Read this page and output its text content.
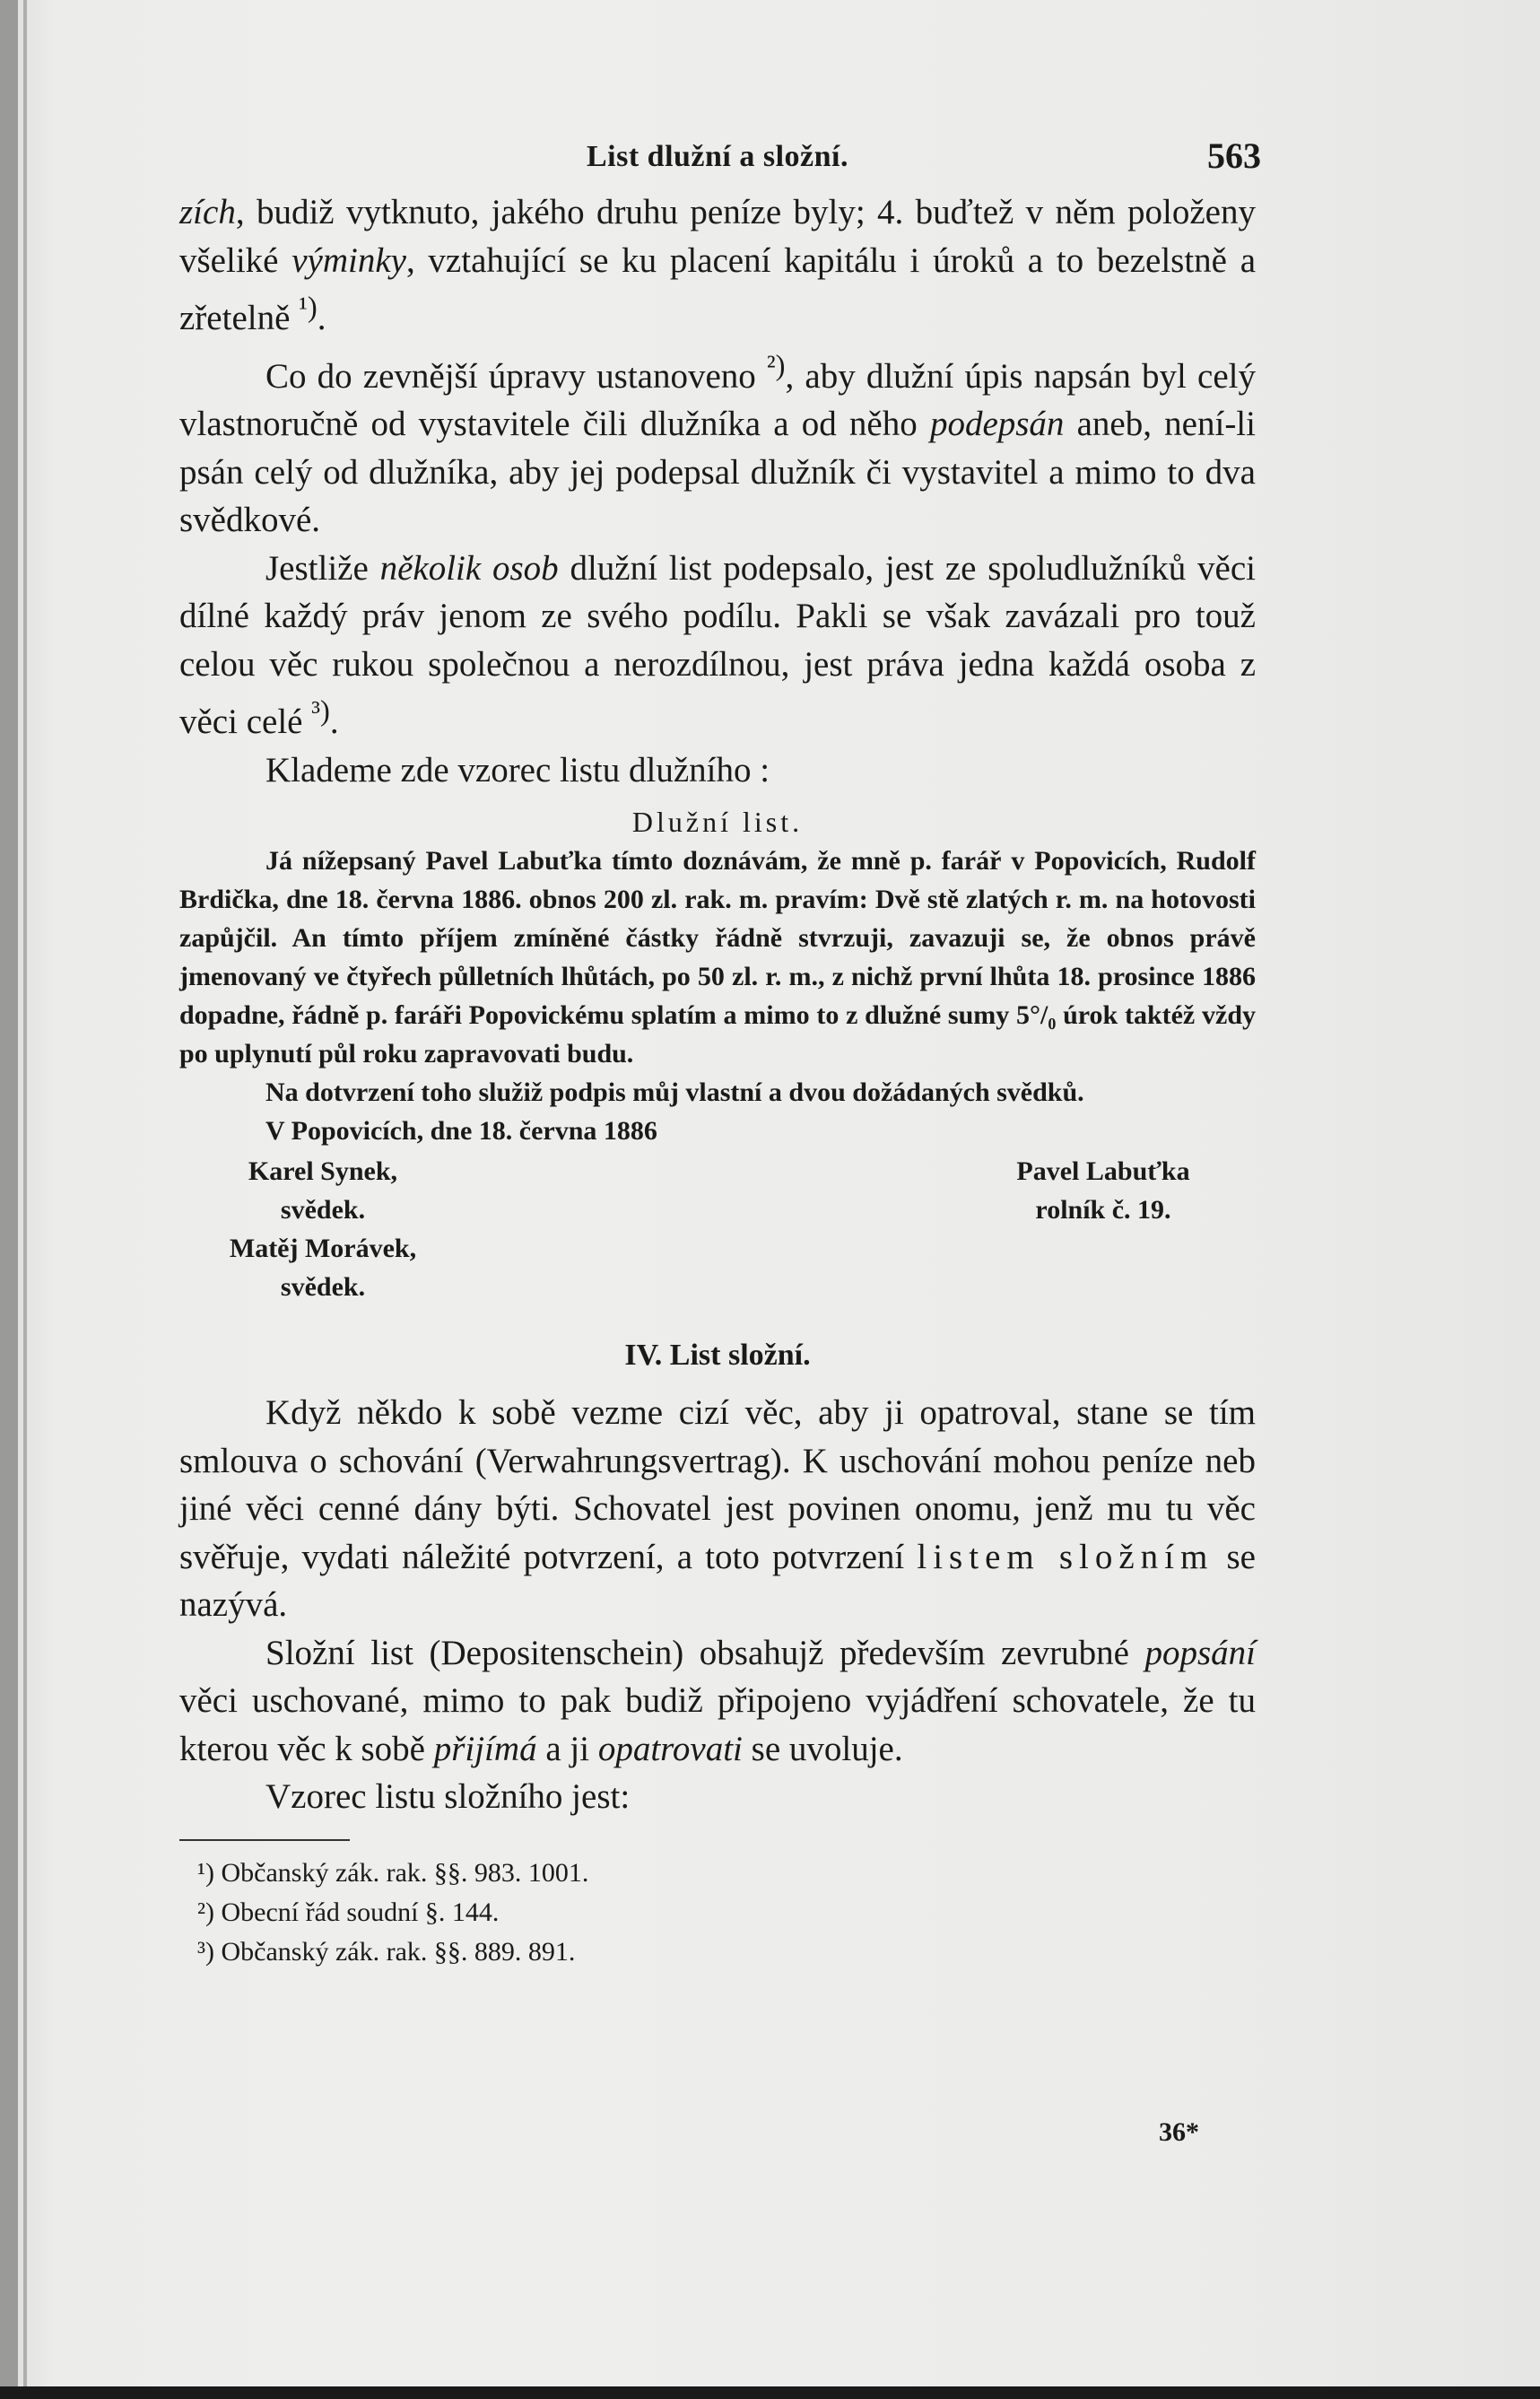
List dlužní a složní.	563

zích, budiž vytknuto, jakého druhu peníze byly; 4. buďtež v něm položeny všeliké výminky, vztahující se ku placení kapitálu i úroků a to bezelstně a zřetelně $^{^1)}$.

Co do zevnější úpravy ustanoveno $^{^2)}$, aby dlužní úpis napsán byl celý vlastnoručně od vystavitele čili dlužníka a od něho podepsán aneb, není-li psán celý od dlužníka, aby jej podepsal dlužník či vystavitel a mimo to dva svědkové.

Jestliže několik osob dlužní list podepsalo, jest ze spoludlužníků věci dílné každý práv jenom ze svého podílu. Pakli se však zavázali pro touž celou věc rukou společnou a nerozdílnou, jest práva jedna každá osoba z věci celé $^{^3)}$.

Klademe zde vzorec listu dlužního :

Dlužní list.

Já nížepsaný Pavel Labuťka tímto doznávám, že mně p. farář v Popovicích, Rudolf Brdička, dne 18. června 1886. obnos 200 zl. rak. m. pravím: Dvě stě zlatých r. m. na hotovosti zapůjčil. An tímto příjem zmíněné částky řádně stvrzuji, zavazuji se, že obnos právě jmenovaný ve čtyřech půlletních lhůtách, po 50 zl. r. m., z nichž první lhůta 18. prosince 1886 dopadne, řádně p. faráři Popovickému splatím a mimo to z dlužné sumy 5°/₀ úrok taktéž vždy po uplynutí půl roku zapravovati budu.

Na dotvrzení toho služiž podpis můj vlastní a dvou dožádaných svědků.

V Popovicích, dne 18. června 1886

Karel Synek,
svědek.
Matěj Morávek,
svědek.
Pavel Labuťka
rolník č. 19.
IV. List složní.

Když někdo k sobě vezme cizí věc, aby ji opatroval, stane se tím smlouva o schování (Verwahrungsvertrag). K uschování mohou peníze neb jiné věci cenné dány býti. Schovatel jest povinen onomu, jenž mu tu věc svěřuje, vydati náležité potvrzení, a toto potvrzení listem složním se nazývá.

Složní list (Depositenschein) obsahujž především zevrubné popsání věci uschované, mimo to pak budiž připojeno vyjádření schovatele, že tu kterou věc k sobě přijímá a ji opatrovati se uvoluje.

Vzorec listu složního jest:

¹) Občanský zák. rak. §§. 983. 1001.
²) Obecní řád soudní §. 144.
³) Občanský zák. rak. §§. 889. 891.
36*
